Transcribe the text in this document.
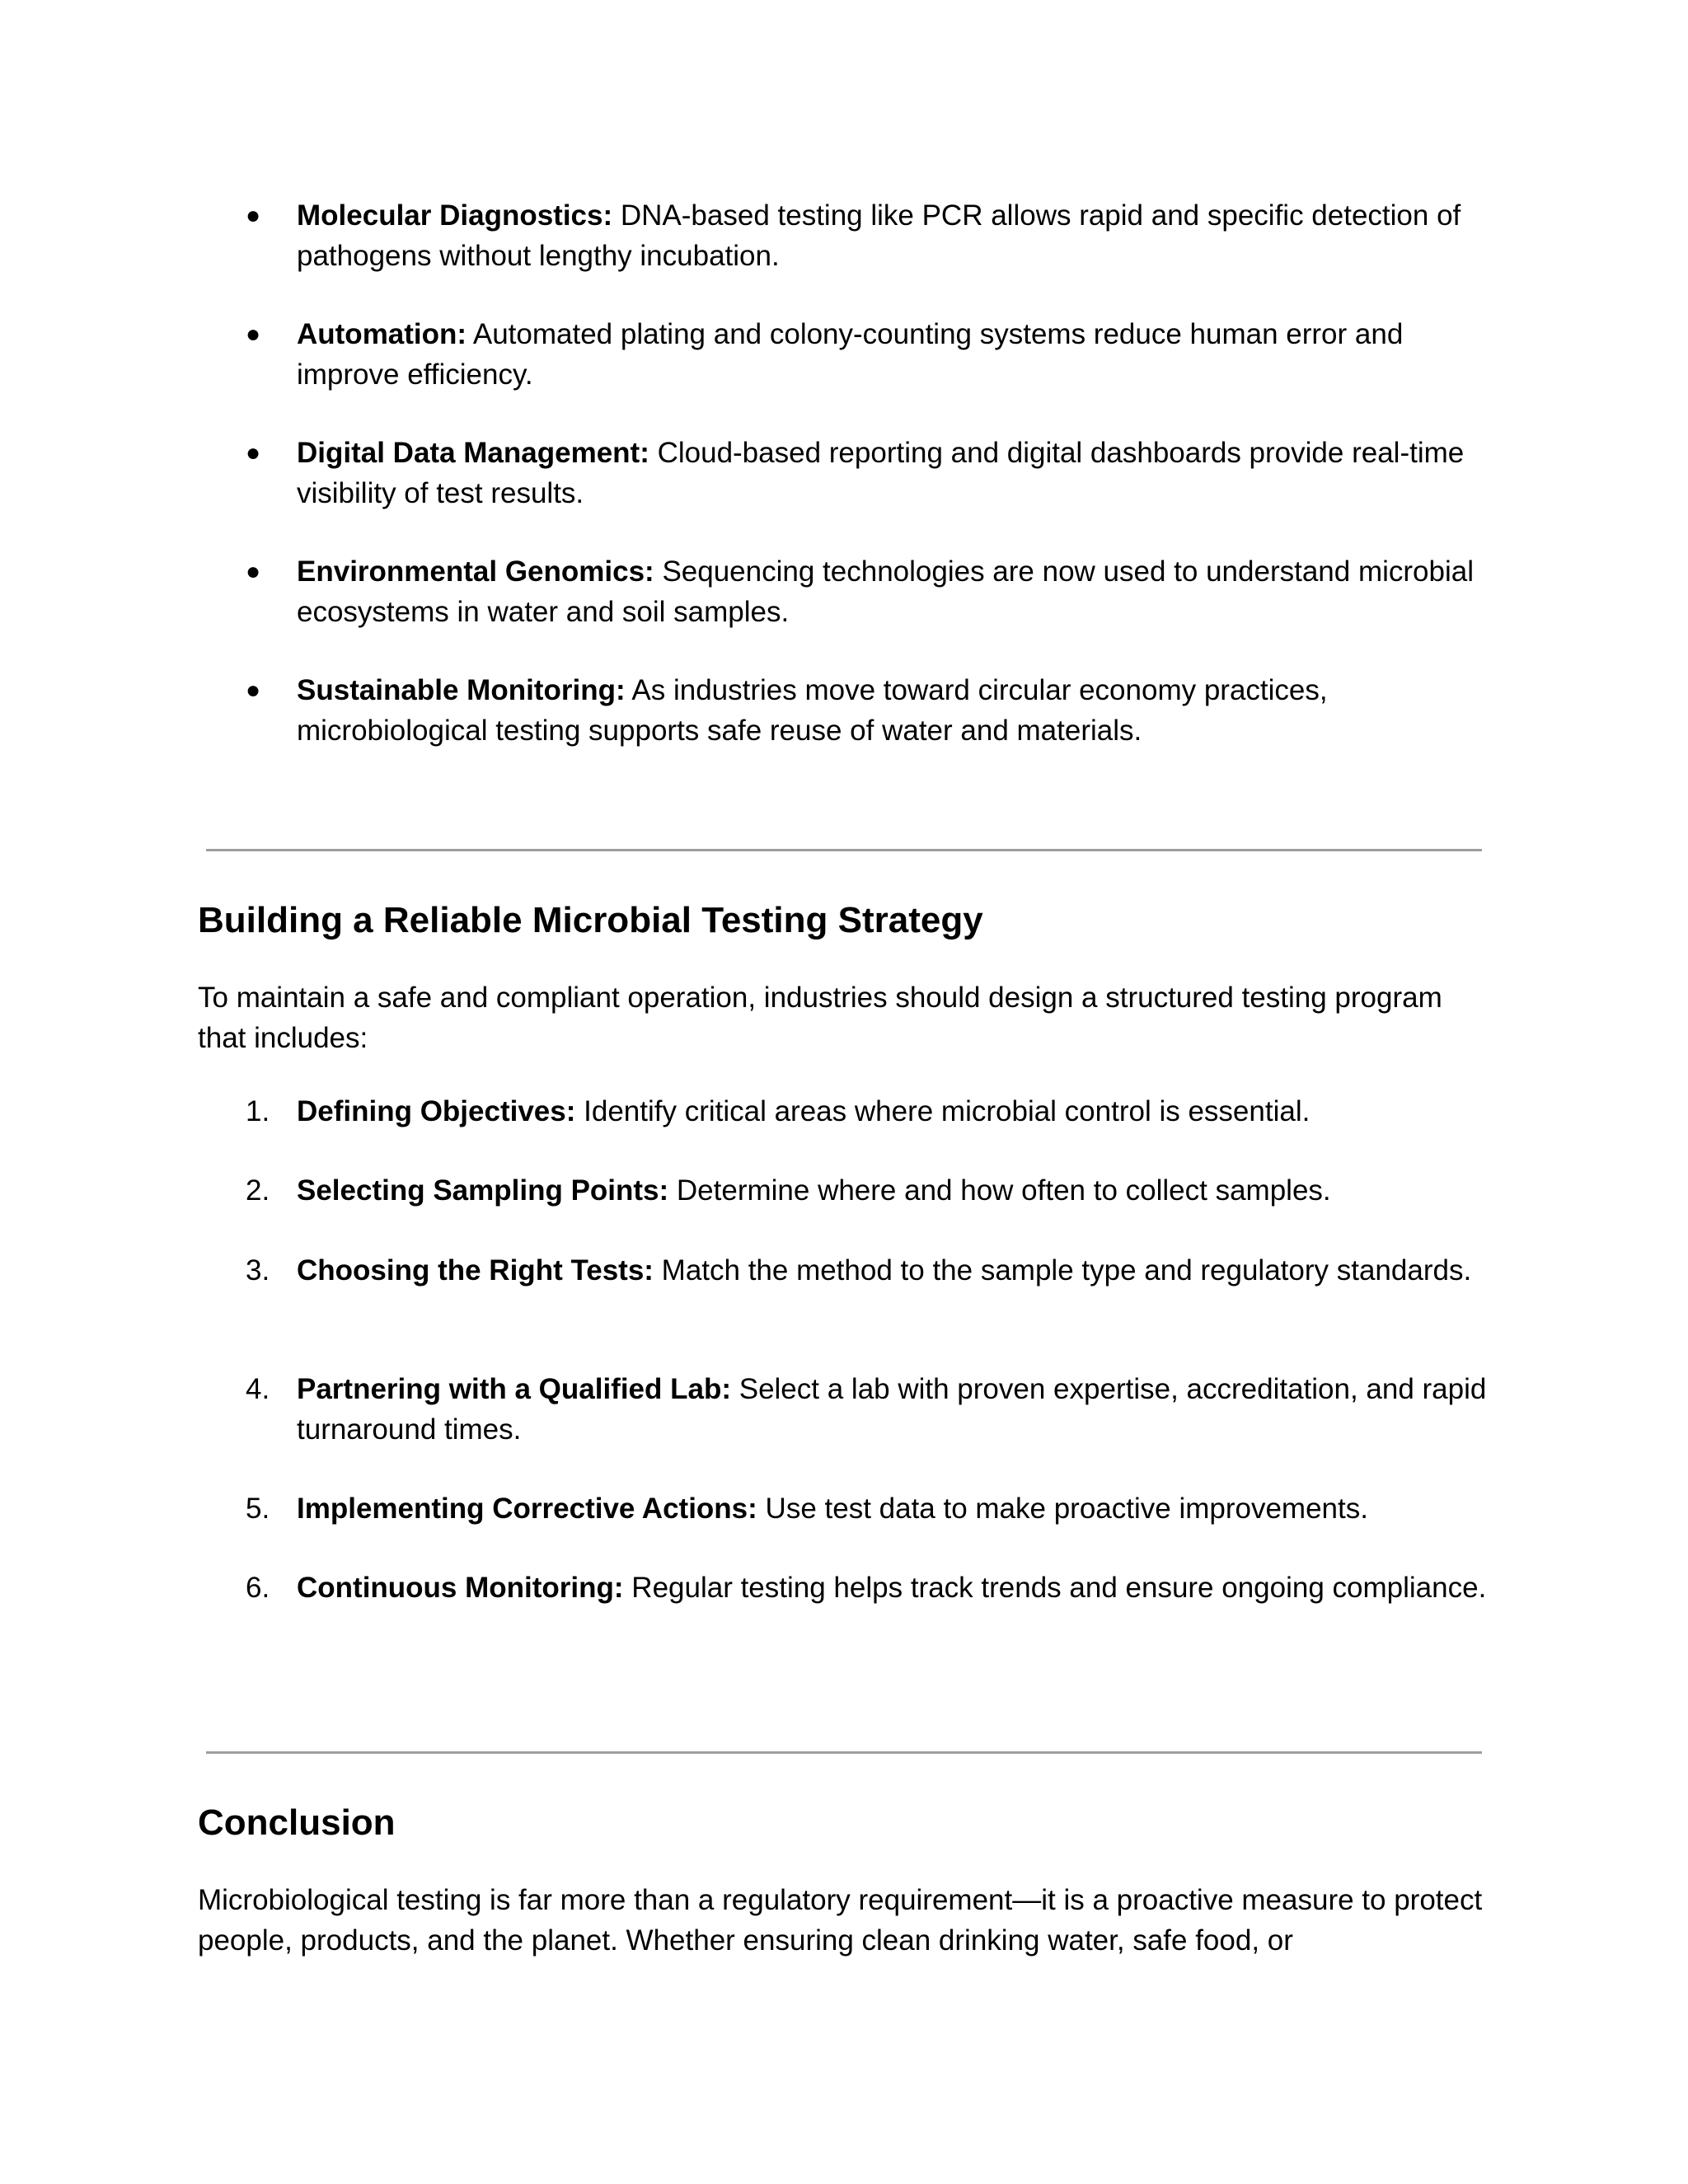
●	Molecular Diagnostics: DNA-based testing like PCR allows rapid and specific detection of pathogens without lengthy incubation.
●	Automation: Automated plating and colony-counting systems reduce human error and improve efficiency.
●	Digital Data Management: Cloud-based reporting and digital dashboards provide real-time visibility of test results.
●	Environmental Genomics: Sequencing technologies are now used to understand microbial ecosystems in water and soil samples.
●	Sustainable Monitoring: As industries move toward circular economy practices, microbiological testing supports safe reuse of water and materials.
Building a Reliable Microbial Testing Strategy
To maintain a safe and compliant operation, industries should design a structured testing program that includes:
1. Defining Objectives: Identify critical areas where microbial control is essential.
2. Selecting Sampling Points: Determine where and how often to collect samples.
3. Choosing the Right Tests: Match the method to the sample type and regulatory standards.
4. Partnering with a Qualified Lab: Select a lab with proven expertise, accreditation, and rapid turnaround times.
5. Implementing Corrective Actions: Use test data to make proactive improvements.
6. Continuous Monitoring: Regular testing helps track trends and ensure ongoing compliance.
Conclusion
Microbiological testing is far more than a regulatory requirement—it is a proactive measure to protect people, products, and the planet. Whether ensuring clean drinking water, safe food, or
